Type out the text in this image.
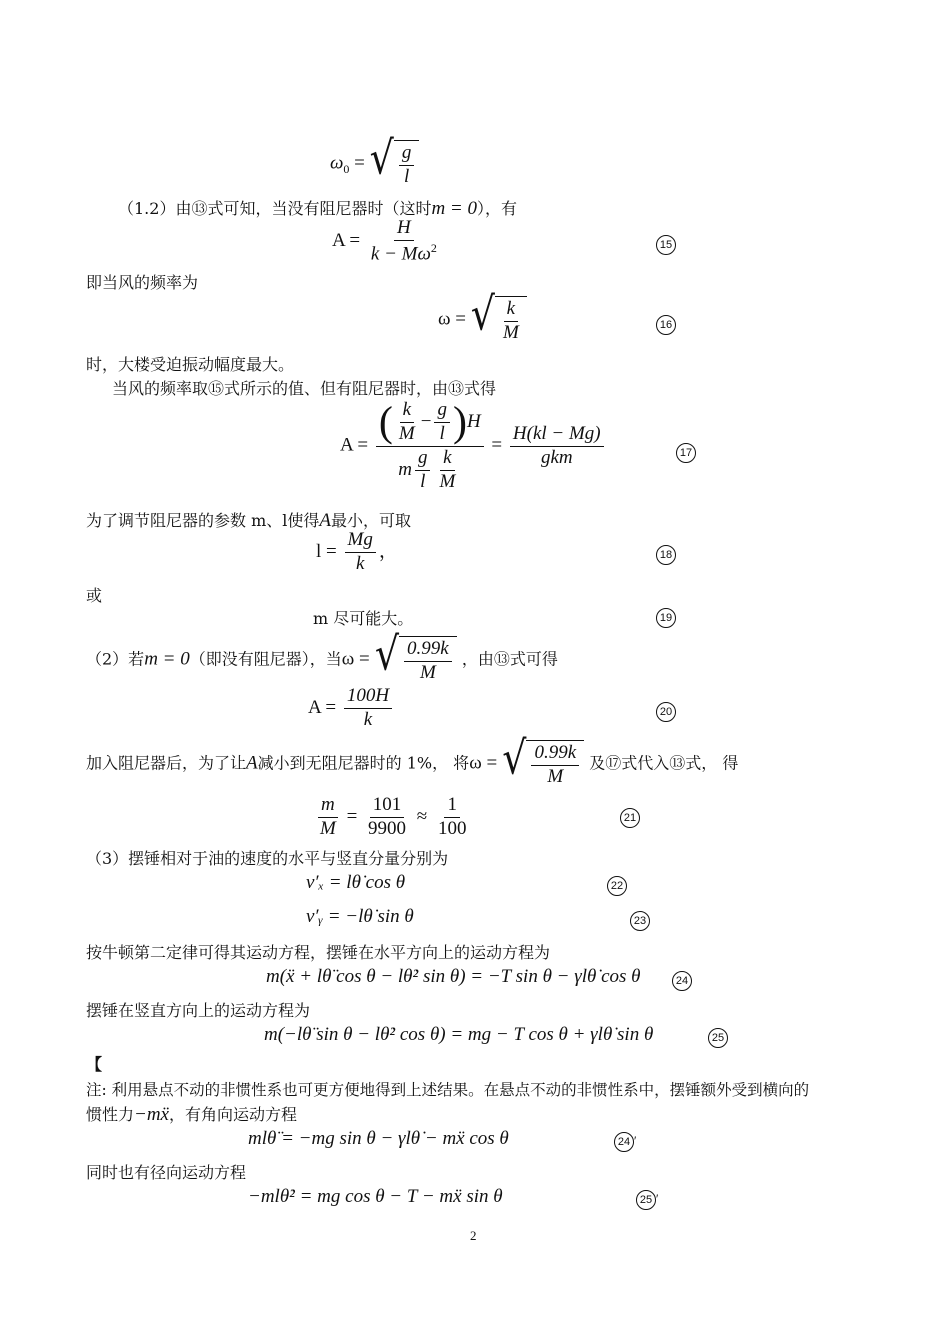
$\omega_0$ = √ $\frac{g}{l}$
（1.2）由⑬式可知，当没有阻尼器时（这时m = 0），有
$A = \frac{H}{k - M\omega^2}$	15
即当风的频率为
ω = √ $\frac{k}{M}$	16
时，大楼受迫振动幅度最大。
当风的频率取⑮式所示的值、但有阻尼器时，由⑬式得
$A = \frac{( \frac{k}{M} - \frac{g}{l} )H}{m \frac{g}{l} \frac{k}{M}} = \frac{H(kl - Mg)}{\text{gkm}}$	17
为了调节阻尼器的参数 m、l使得A最小，可取
$l = \frac{Mg}{k}$ ，	18
或
m 尽可能大。	19
（2）若m = 0（即没有阻尼器），当ω = √ $\frac{0.99k}{M}$ ，由⑬式可得
$A = \frac{100H}{k}$	20
加入阻尼器后，为了让A减小到无阻尼器时的 1%， 将ω = √ $\frac{0.99k}{M}$ 及⑰式代入⑬式， 得
$\frac{m}{M} = \frac{101}{9900} \approx \frac{1}{100}$	21
（3）摆锤相对于油的速度的水平与竖直分量分别为
v′ₓ = lθ̇ cos θ	22
v′ᵧ = −lθ̇ sin θ	23
按牛顿第二定律可得其运动方程，摆锤在水平方向上的运动方程为
m(ẍ + lθ̈ cos θ − lθ̇² sin θ) = −T sin θ − γlθ̇ cos θ	24
摆锤在竖直方向上的运动方程为
m(−lθ̈ sin θ − lθ̇² cos θ) = mg − T cos θ + γlθ̇ sin θ	25
【
注: 利用悬点不动的非惯性系也可更方便地得到上述结果。在悬点不动的非惯性系中，摆锤额外受到横向的
惯性力−mẍ，有角向运动方程
mlθ̈ = −mg sin θ − γlθ̇ − mẍ cos θ	24 ′
同时也有径向运动方程
−mlθ̇² = mg cos θ − T − mẍ sin θ	25 ′
2
